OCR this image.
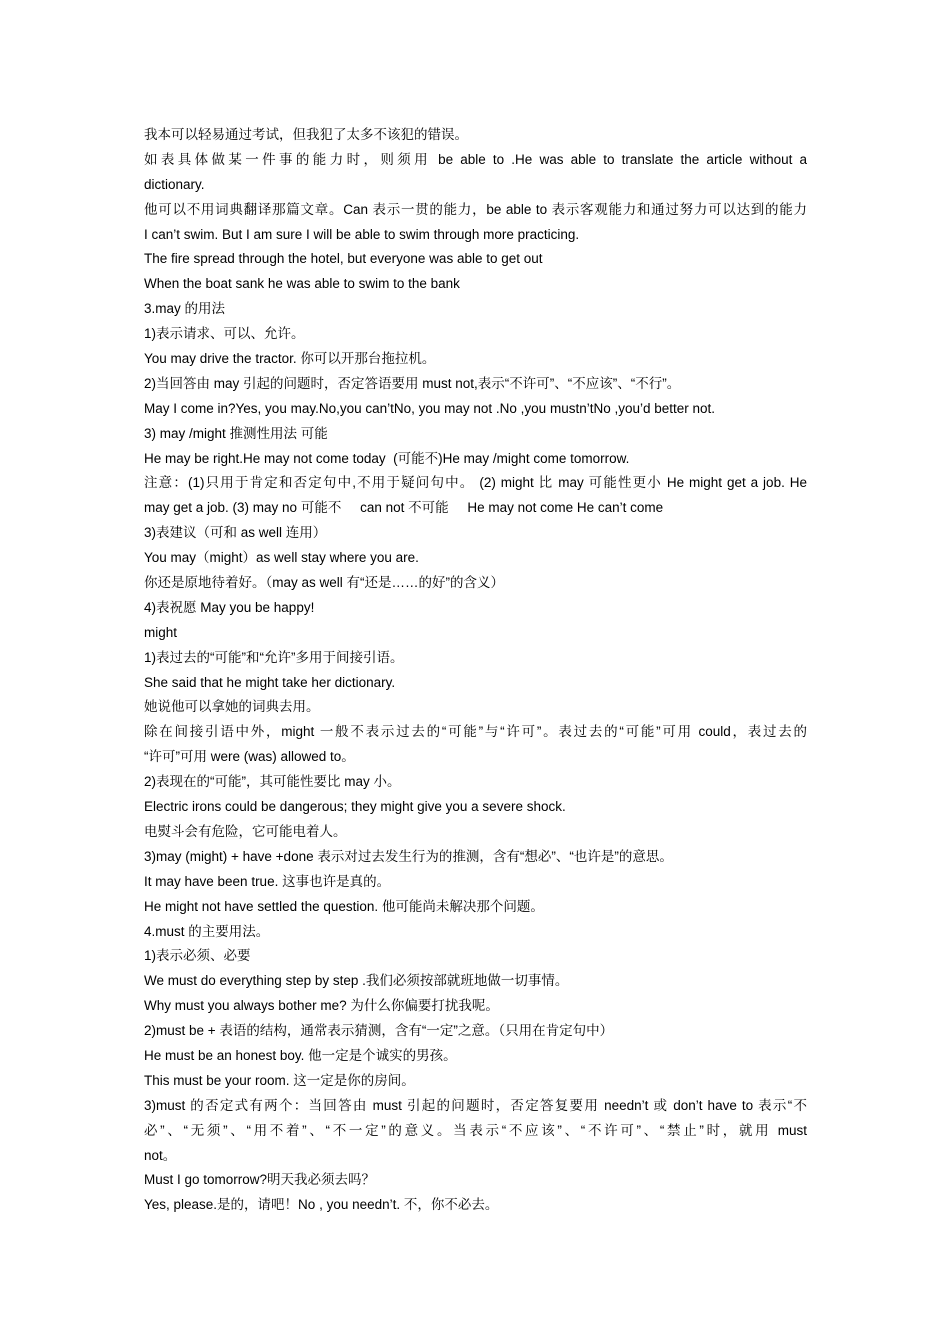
我本可以轻易通过考试，但我犯了太多不该犯的错误。
如表具体做某一件事的能力时，则须用 be able to .He was able to translate the article without a
dictionary.
他可以不用词典翻译那篇文章。Can 表示一贯的能力，be able to 表示客观能力和通过努力可以达到的能力
I can’t swim. But I am sure I will be able to swim through more practicing.
The fire spread through the hotel, but everyone was able to get out
When the boat sank he was able to swim to the bank
3.may 的用法
1)表示请求、可以、允许。
You may drive the tractor. 你可以开那台拖拉机。
2)当回答由 may 引起的问题时，否定答语要用 must not,表示“不许可”、“不应该”、“不行”。
May I come in?Yes, you may.No,you can’tNo, you may not .No ,you mustn’tNo ,you’d better not.
3) may /might 推测性用法 可能
He may be right.He may not come today  (可能不)He may /might come tomorrow.
注意：(1)只用于肯定和否定句中,不用于疑问句中。 (2) might 比 may 可能性更小 He might get a job. He
may get a job. (3) may no 可能不     can not 不可能     He may not come He can’t come
3)表建议（可和 as well 连用）
You may（might）as well stay where you are.
你还是原地待着好。（may as well 有“还是……的好”的含义）
4)表祝愿 May you be happy!
might
1)表过去的“可能”和“允许”多用于间接引语。
She said that he might take her dictionary.
她说他可以拿她的词典去用。
除在间接引语中外，might 一般不表示过去的“可能”与“许可”。表过去的“可能”可用 could，表过去的
“许可”可用 were (was) allowed to。
2)表现在的“可能”，其可能性要比 may 小。
Electric irons could be dangerous; they might give you a severe shock.
电熨斗会有危险，它可能电着人。
3)may (might) + have +done 表示对过去发生行为的推测，含有“想必”、“也许是”的意思。
It may have been true. 这事也许是真的。
He might not have settled the question. 他可能尚未解决那个问题。
4.must 的主要用法。
1)表示必须、必要
We must do everything step by step .我们必须按部就班地做一切事情。
Why must you always bother me? 为什么你偏要打扰我呢。
2)must be + 表语的结构，通常表示猜测，含有“一定”之意。（只用在肯定句中）
He must be an honest boy. 他一定是个诚实的男孩。
This must be your room. 这一定是你的房间。
3)must 的否定式有两个：当回答由 must 引起的问题时，否定答复要用 needn’t 或 don’t have to 表示“不
必”、“无须”、“用不着”、“不一定”的意义。当表示“不应该”、“不许可”、“禁止”时，就用 must
not。
Must I go tomorrow?明天我必须去吗？
Yes, please.是的，请吧！No , you needn’t. 不，你不必去。
